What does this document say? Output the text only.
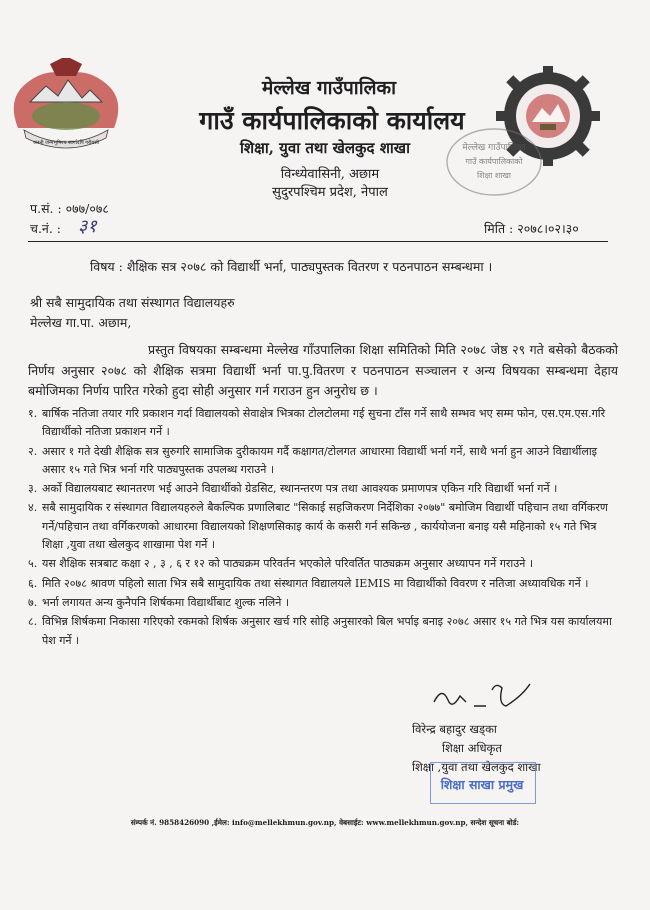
जननी जन्मभूमिश्च स्वर्गादपि गरीयसी
मेल्लेख गाउँपालिका
गाउँ कार्यपालिकाको कार्यालय
शिक्षा, युवा तथा खेलकुद शाखा
विन्ध्येवासिनी, अछाम
सुदुरपश्चिम प्रदेश, नेपाल
मेल्लेख गाउँपालिका
गाउँ कार्यपालिकाको
शिक्षा शाखा
प.सं. : ०७७/०७८
च.नं. : ३१	मिति : २०७८।०२।३०
विषय : शैक्षिक सत्र २०७८ को विद्यार्थी भर्ना, पाठ्यपुस्तक वितरण र पठनपाठन सम्बन्धमा ।
श्री सबै सामुदायिक तथा संस्थागत विद्यालयहरु
मेल्लेख गा.पा. अछाम,
प्रस्तुत विषयका सम्बन्धमा मेल्लेख गाँउपालिका शिक्षा समितिको मिति २०७८ जेष्ठ २९ गते बसेको बैठकको निर्णय अनुसार २०७८ को शैक्षिक सत्रमा विद्यार्थी भर्ना पा.पु.वितरण र पठनपाठन सञ्चालन र अन्य विषयका सम्बन्धमा देहाय बमोजिमका निर्णय पारित गरेको हुदा सोही अनुसार गर्न गराउन हुन अनुरोध छ ।
१. बार्षिक नतिजा तयार गरि प्रकाशन गर्दा विद्यालयको सेवाक्षेत्र भित्रका टोलटोलमा गई सुचना टाँस गर्ने साथै सम्भव भए सम्म फोन, एस.एम.एस.गरि विद्यार्थीको नतिजा प्रकाशन गर्ने ।
२. असार १ गते देखी शैक्षिक सत्र सुरुगरि सामाजिक दुरीकायम गर्दै कक्षागत/टोलगत आधारमा विद्यार्थी भर्ना गर्ने, साथै भर्ना हुन आउने विद्यार्थीलाइ असार १५ गते भित्र भर्ना गरि पाठ्यपुस्तक उपलब्ध गराउने ।
३. अर्को विद्यालयबाट स्थानतरण भई आउने विद्यार्थीको ग्रेडसिट, स्थानन्तरण पत्र तथा आवश्यक प्रमाणपत्र एकिन गरि विद्यार्थी भर्ना गर्ने ।
४. सबै सामुदायिक र संस्थागत विद्यालयहरुले बैकल्पिक प्रणालिबाट "सिकाई सहजिकरण निर्देशिका २०७७" बमोजिम विद्यार्थी पहिचान तथा वर्गिकरण गर्ने/पहिचान तथा वर्गिकरणको आधारमा विद्यालयको शिक्षणसिकाइ कार्य के कसरी गर्न सकिन्छ , कार्ययोजना बनाइ यसै महिनाको १५ गते भित्र शिक्षा ,युवा तथा खेलकुद शाखामा पेश गर्ने ।
५. यस शैक्षिक सत्रबाट कक्षा २ , ३ , ६ र १२ को पाठ्यक्रम परिवर्तन भएकोले परिवर्तित पाठ्यक्रम अनुसार अध्यापन गर्ने गराउने ।
६. मिति २०७८ श्रावण पहिलो साता भित्र सबै सामुदायिक तथा संस्थागत विद्यालयले IEMIS मा विद्यार्थीको विवरण र नतिजा अध्यावधिक गर्ने ।
७. भर्ना लगायत अन्य कुनैपनि शिर्षकमा विद्यार्थीबाट शुल्क नलिने ।
८. विभिन्न शिर्षकमा निकासा गरिएको रकमको शिर्षक अनुसार खर्च गरि सोहि अनुसारको बिल भर्पाइ बनाइ २०७८ असार १५ गते भित्र यस कार्यालयमा पेश गर्ने ।
विरेन्द्र बहादुर खड्का
शिक्षा अधिकृत
शिक्षा ,युवा तथा खेलकुद शाखा
शिक्षा साखा प्रमुख
संम्पर्क नं. 9858426090 ,ईमेल: info@mellekhmun.gov.np, वेबसाईट: www.mellekhmun.gov.np, सन्देश सूचना बोर्ड:
